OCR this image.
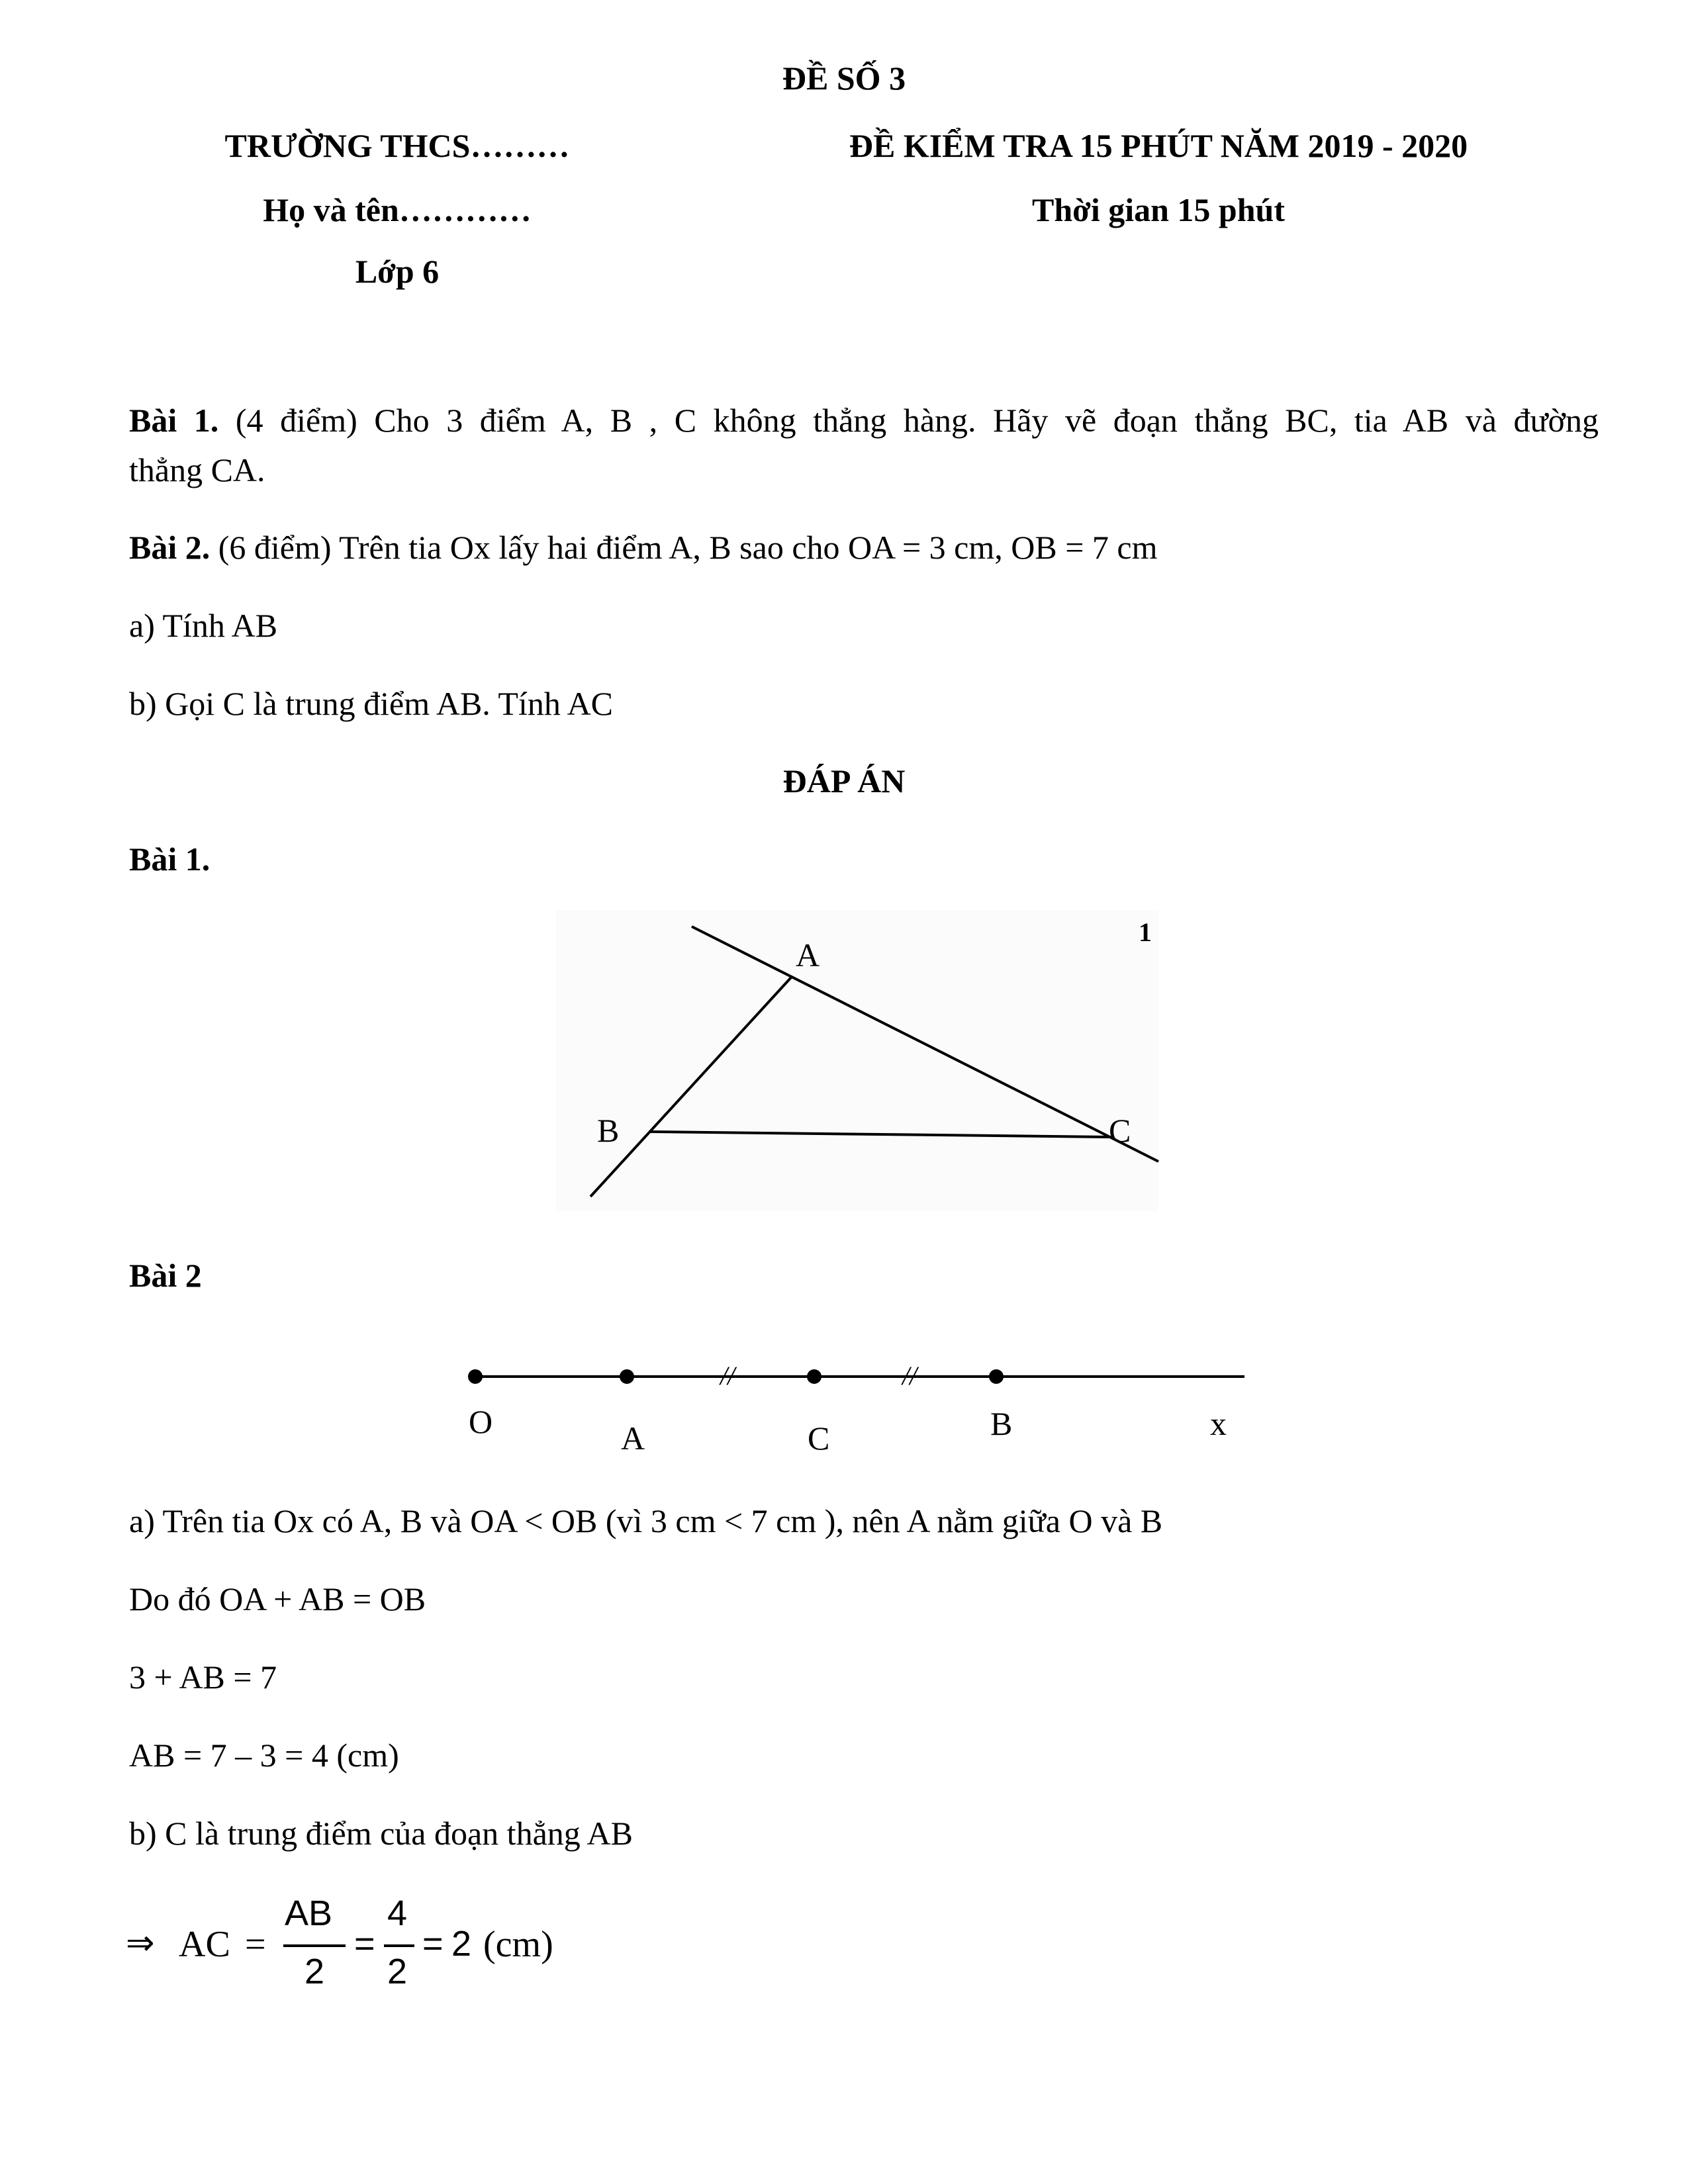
ĐỀ SỐ 3
TRƯỜNG THCS………	ĐỀ KIỂM TRA 15 PHÚT NĂM 2019 - 2020
Họ và tên…………	Thời gian 15 phút
Lớp 6
Bài 1. (4 điểm) Cho 3 điểm A, B , C không thẳng hàng. Hãy vẽ đoạn thẳng BC, tia AB và đường
thẳng CA.
Bài 2. (6 điểm) Trên tia Ox lấy hai điểm A, B sao cho OA = 3 cm, OB = 7 cm
a) Tính AB
b) Gọi C là trung điểm AB. Tính AC
ĐÁP ÁN
Bài 1.
A
B	C
1
Bài 2
//	//
O	A	C	B	x
a) Trên tia Ox có A, B và OA < OB (vì 3 cm < 7 cm ), nên A nằm giữa O và B
Do đó OA + AB = OB
3 + AB = 7
AB = 7 – 3 = 4 (cm)
b) C là trung điểm của đoạn thẳng AB
⇒ AC =
AB
2
=
4
2
= 2 (cm)
